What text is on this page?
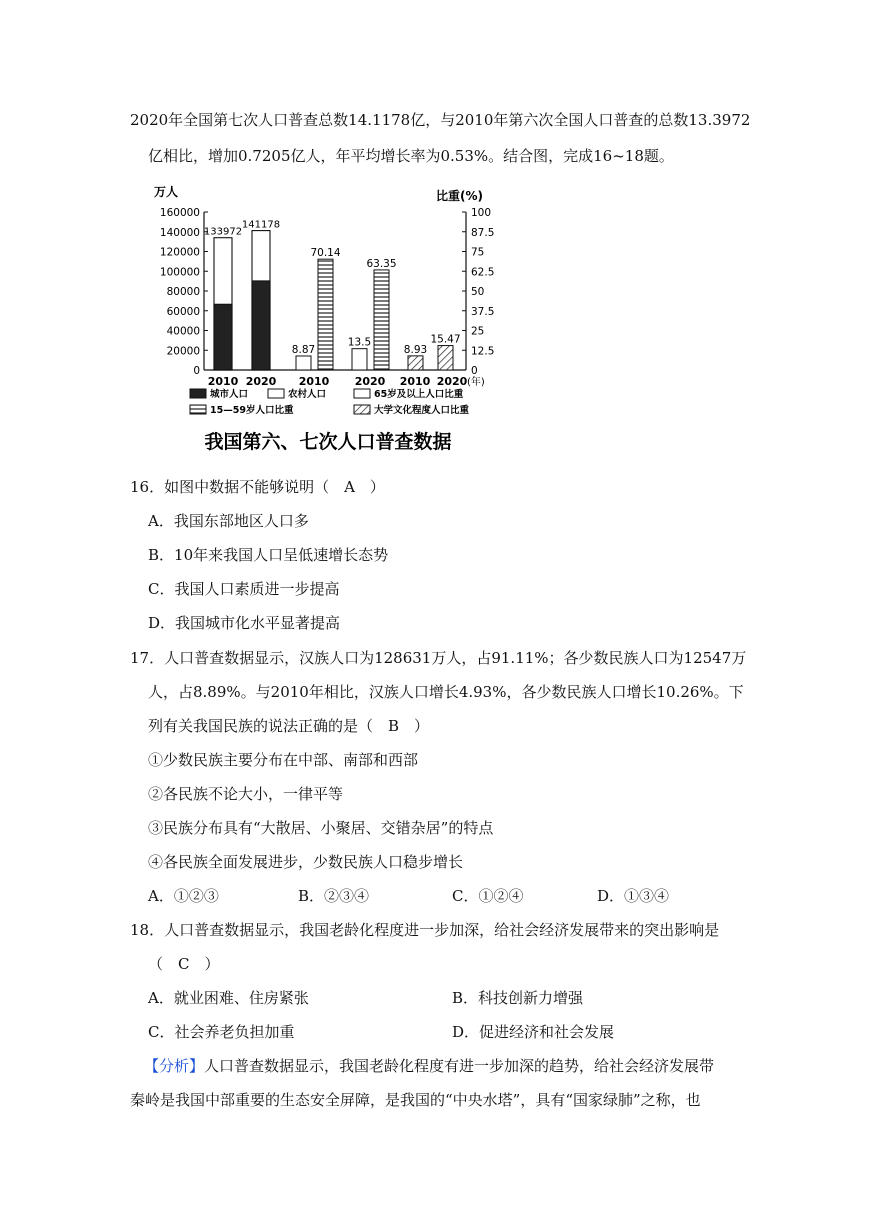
2020年全国第七次人口普查总数14.1178亿，与2010年第六次全国人口普查的总数13.3972
亿相比，增加0.7205亿人，年平均增长率为0.53%。结合图，完成16~18题。
万人	比重(%)
0
20000
40000
60000
80000
100000
120000
140000
160000
0
12.5
25
37.5
50
62.5
75
87.5
100
133972
141178
8.87
13.5
70.14
63.35
8.93
15.47
2010 2020 2010 2020 2010 2020 (年)
我国第六、七次人口普查数据
城市人口	农村人口	65岁及以上人口比重
15—59岁人口比重	大学文化程度人口比重
16．如图中数据不能够说明（　A　）
A．我国东部地区人口多
B．10年来我国人口呈低速增长态势
C．我国人口素质进一步提高
D．我国城市化水平显著提高
17．人口普查数据显示，汉族人口为128631万人，占91.11%；各少数民族人口为12547万
人，占8.89%。与2010年相比，汉族人口增长4.93%，各少数民族人口增长10.26%。下
列有关我国民族的说法正确的是（　B　）
①少数民族主要分布在中部、南部和西部
②各民族不论大小，一律平等
③民族分布具有“大散居、小聚居、交错杂居”的特点
④各民族全面发展进步，少数民族人口稳步增长
A．①②③	B．②③④	C．①②④	D．①③④
18．人口普查数据显示，我国老龄化程度进一步加深，给社会经济发展带来的突出影响是
（　C　）
A．就业困难、住房紧张	B．科技创新力增强
C．社会养老负担加重	D．促进经济和社会发展
【分析】人口普查数据显示，我国老龄化程度有进一步加深的趋势，给社会经济发展带
秦岭是我国中部重要的生态安全屏障，是我国的“中央水塔”，具有“国家绿肺”之称，也
